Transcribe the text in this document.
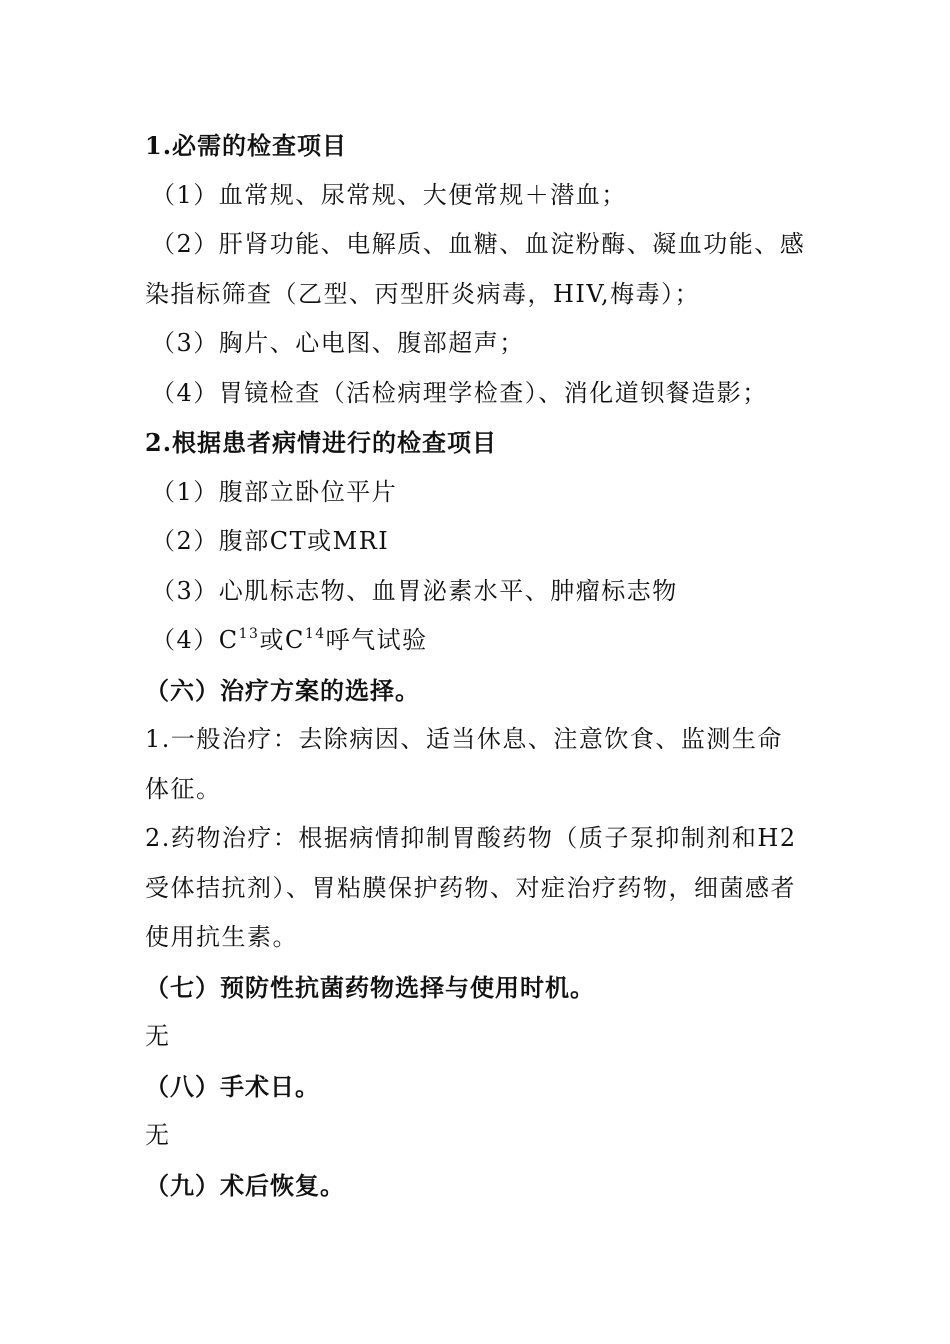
1.必需的检查项目
（1）血常规、尿常规、大便常规＋潜血；
（2）肝肾功能、电解质、血糖、血淀粉酶、凝血功能、感
染指标筛查（乙型、丙型肝炎病毒，HIV,梅毒）；
（3）胸片、心电图、腹部超声；
（4）胃镜检查（活检病理学检查）、消化道钡餐造影；
2.根据患者病情进行的检查项目
（1）腹部立卧位平片
（2）腹部CT或MRI
（3）心肌标志物、血胃泌素水平、肿瘤标志物
$(4)C^{13}$或$C^{14}$呼气试验
（六）治疗方案的选择。
1.一般治疗：去除病因、适当休息、注意饮食、监测生命
体征。
2.药物治疗：根据病情抑制胃酸药物（质子泵抑制剂和H2
受体拮抗剂）、胃粘膜保护药物、对症治疗药物，细菌感者
使用抗生素。
（七）预防性抗菌药物选择与使用时机。
无
（八）手术日。
无
（九）术后恢复。
